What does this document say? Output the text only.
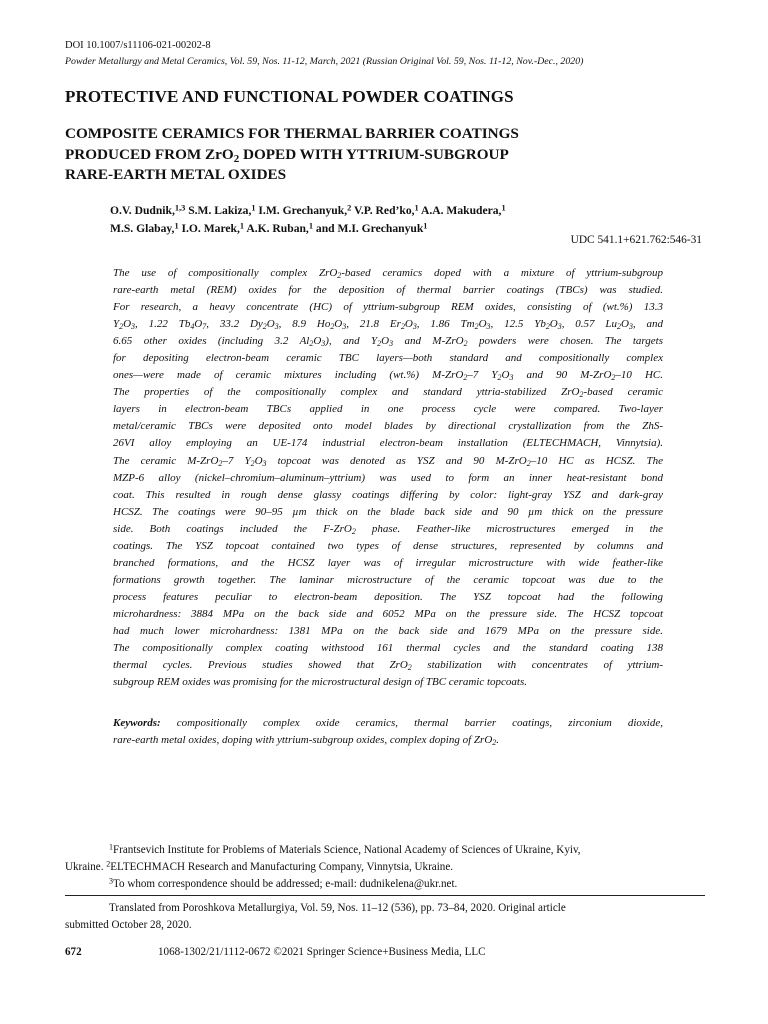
DOI 10.1007/s11106-021-00202-8
Powder Metallurgy and Metal Ceramics, Vol. 59, Nos. 11-12, March, 2021 (Russian Original Vol. 59, Nos. 11-12, Nov.-Dec., 2020)
PROTECTIVE AND FUNCTIONAL POWDER COATINGS
COMPOSITE CERAMICS FOR THERMAL BARRIER COATINGS
PRODUCED FROM ZrO$_2$ DOPED WITH YTTRIUM-SUBGROUP
RARE-EARTH METAL OXIDES
O.V. Dudnik,$^{1,3}$ S.M. Lakiza,$^1$ I.M. Grechanyuk,$^2$ V.P. Red’ko,$^1$ A.A. Makudera,$^1$
M.S. Glabay,$^1$ I.O. Marek,$^1$ A.K. Ruban,$^1$ and M.I. Grechanyuk$^1$
UDC 541.1+621.762:546-31
The use of compositionally complex ZrO$_2$-based ceramics doped with a mixture of yttrium-subgroup
rare-earth metal (REM) oxides for the deposition of thermal barrier coatings (TBCs) was studied.
For research, a heavy concentrate (HC) of yttrium-subgroup REM oxides, consisting of (wt.%) 13.3
$Y_2O_3$, 1.22 $Tb_4O_7$, 33.2 $Dy_2O_3$, 8.9 $Ho_2O_3$, 21.8 $Er_2O_3$, 1.86 $Tm_2O_3$, 12.5 $Yb_2O_3$, 0.57 $Lu_2O_3$, and
6.65 other oxides (including 3.2 $Al_2O_3$), and $Y_2O_3$ and M-ZrO$_2$ powders were chosen. The targets
for depositing electron-beam ceramic TBC layers—both standard and compositionally complex
ones—were made of ceramic mixtures including (wt.%) M-ZrO$_2$–7 $Y_2O_3$ and 90 M-ZrO$_2$–10 HC.
The properties of the compositionally complex and standard yttria-stabilized ZrO$_2$-based ceramic
layers in electron-beam TBCs applied in one process cycle were compared. Two-layer
metal/ceramic TBCs were deposited onto model blades by directional crystallization from the ZhS-
26VI alloy employing an UE-174 industrial electron-beam installation (ELTECHMACH, Vinnytsia).
The ceramic M-ZrO$_2$–7 $Y_2O_3$ topcoat was denoted as YSZ and 90 M-ZrO$_2$–10 HC as HCSZ. The
MZP-6 alloy (nickel–chromium–aluminum–yttrium) was used to form an inner heat-resistant bond
coat. This resulted in rough dense glassy coatings differing by color: light-gray YSZ and dark-gray
HCSZ. The coatings were 90–95 µm thick on the blade back side and 90 µm thick on the pressure
side. Both coatings included the F-ZrO$_2$ phase. Feather-like microstructures emerged in the
coatings. The YSZ topcoat contained two types of dense structures, represented by columns and
branched formations, and the HCSZ layer was of irregular microstructure with wide feather-like
formations growth together. The laminar microstructure of the ceramic topcoat was due to the
process features peculiar to electron-beam deposition. The YSZ topcoat had the following
microhardness: 3884 MPa on the back side and 6052 MPa on the pressure side. The HCSZ topcoat
had much lower microhardness: 1381 MPa on the back side and 1679 MPa on the pressure side.
The compositionally complex coating withstood 161 thermal cycles and the standard coating 138
thermal cycles. Previous studies showed that ZrO$_2$ stabilization with concentrates of yttrium-
subgroup REM oxides was promising for the microstructural design of TBC ceramic topcoats.
Keywords: compositionally complex oxide ceramics, thermal barrier coatings, zirconium dioxide,
rare-earth metal oxides, doping with yttrium-subgroup oxides, complex doping of ZrO$_2$.
$^1$Frantsevich Institute for Problems of Materials Science, National Academy of Sciences of Ukraine, Kyiv,
Ukraine. $^2$ELTECHMACH Research and Manufacturing Company, Vinnytsia, Ukraine.
$^3$To whom correspondence should be addressed; e-mail: dudnikelena@ukr.net.
Translated from Poroshkova Metallurgiya, Vol. 59, Nos. 11–12 (536), pp. 73–84, 2020. Original article
submitted October 28, 2020.
672	1068-1302/21/1112-0672 ©2021 Springer Science+Business Media, LLC
